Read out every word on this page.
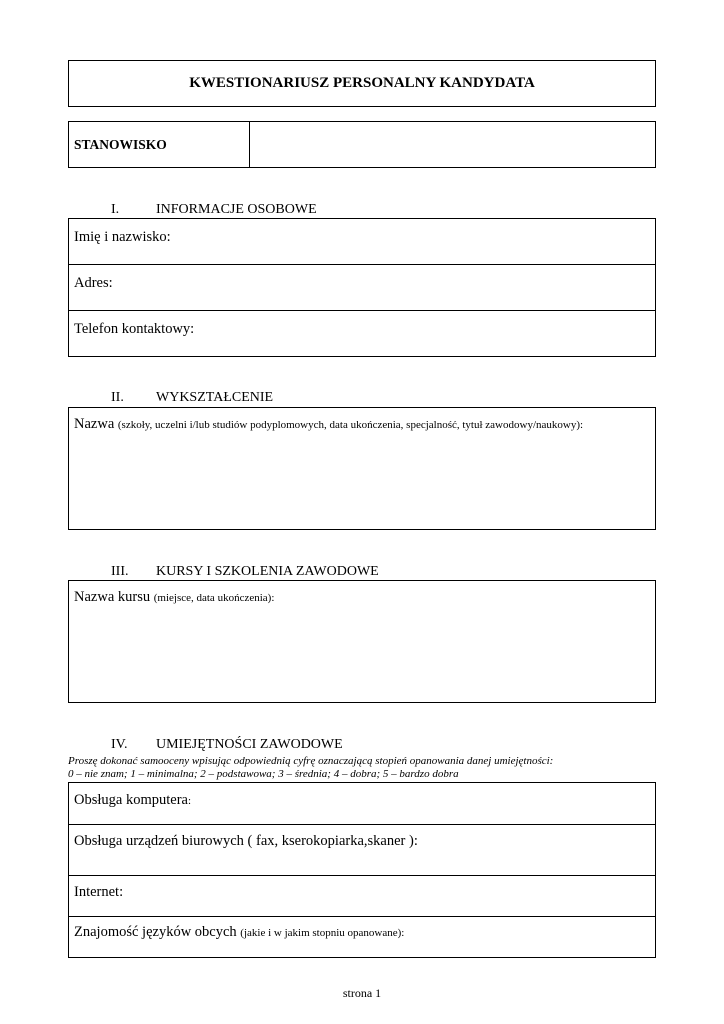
KWESTIONARIUSZ PERSONALNY KANDYDATA
STANOWISKO
I.	INFORMACJE OSOBOWE
Imię i nazwisko:
Adres:
Telefon kontaktowy:
II. WYKSZTAŁCENIE
Nazwa (szkoły, uczelni i/lub studiów podyplomowych, data ukończenia, specjalność, tytuł zawodowy/naukowy):
III. KURSY I SZKOLENIA ZAWODOWE
Nazwa kursu (miejsce, data ukończenia):
IV. UMIEJĘTNOŚCI ZAWODOWE
Proszę dokonać samooceny wpisując odpowiednią cyfrę oznaczającą stopień opanowania danej umiejętności:
0 – nie znam; 1 – minimalna; 2 – podstawowa; 3 – średnia; 4 – dobra; 5 – bardzo dobra
Obsługa komputera:
Obsługa urządzeń biurowych ( fax, kserokopiarka,skaner ):
Internet:
Znajomość języków obcych (jakie i w jakim stopniu opanowane):
strona 1
